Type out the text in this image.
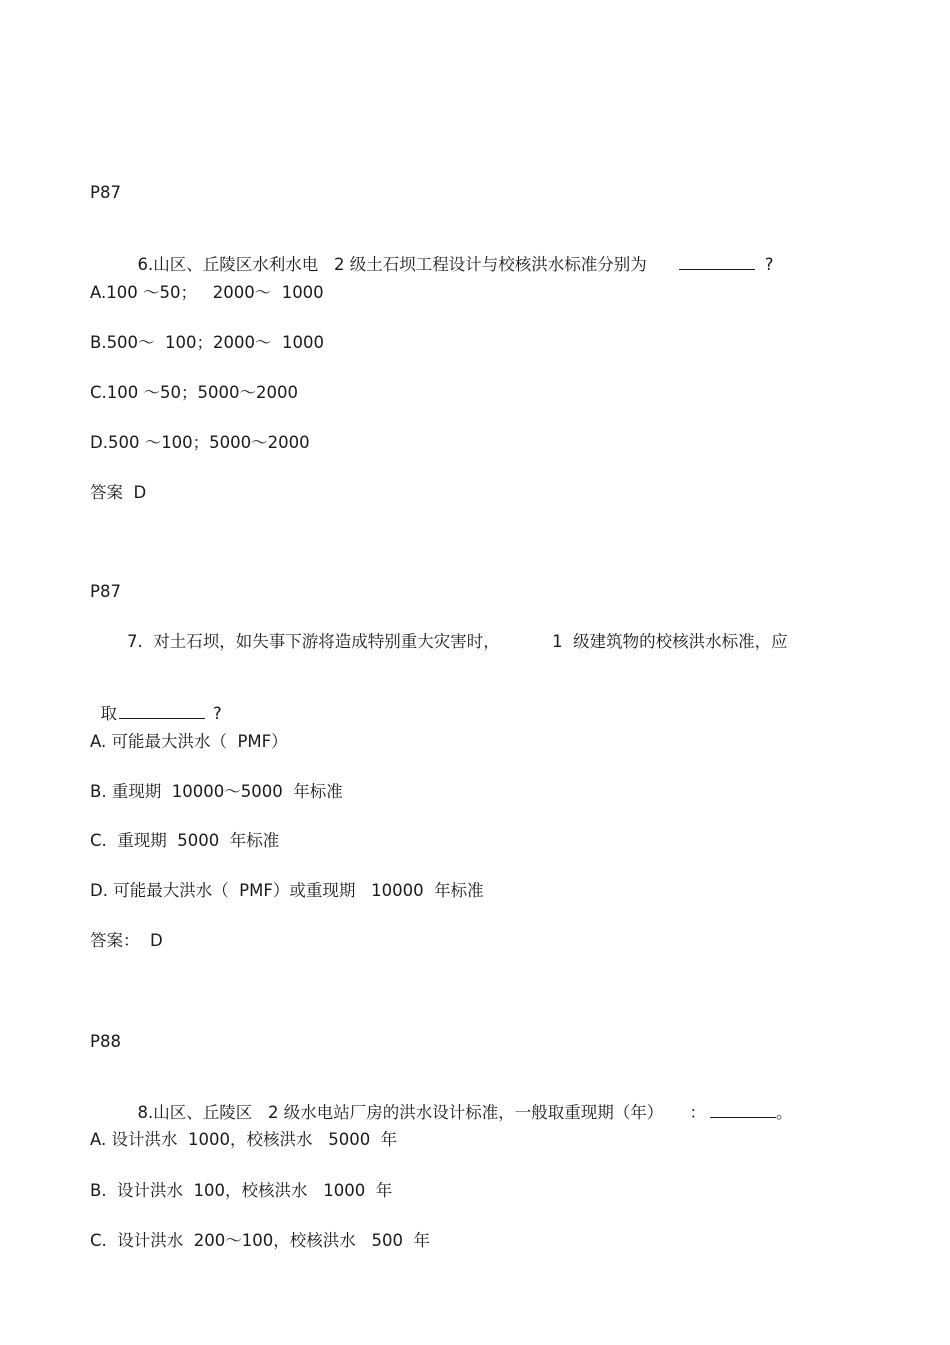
P87

6.山区、丘陵区水利水电   2 级土石坝工程设计与校核洪水标准分别为	?

A.100 ～50；   2000～  1000
B.500～  100；2000～  1000
C.100 ～50；5000～2000
D.500 ～100；5000～2000
答案  D
P87
7.  对土石坝，如失事下游将造成特别重大灾害时，          1  级建筑物的校核洪水标准，应

取	?

A. 可能最大洪水（  PMF）
B. 重现期  10000～5000  年标准
C.  重现期  5000  年标准
D. 可能最大洪水（  PMF）或重现期   10000  年标准
答案：  D
P88

8.山区、丘陵区   2 级水电站厂房的洪水设计标准，一般取重现期（年）     ：	。

A. 设计洪水  1000，校核洪水   5000  年
B.  设计洪水  100，校核洪水   1000  年
C.  设计洪水  200～100，校核洪水   500  年
